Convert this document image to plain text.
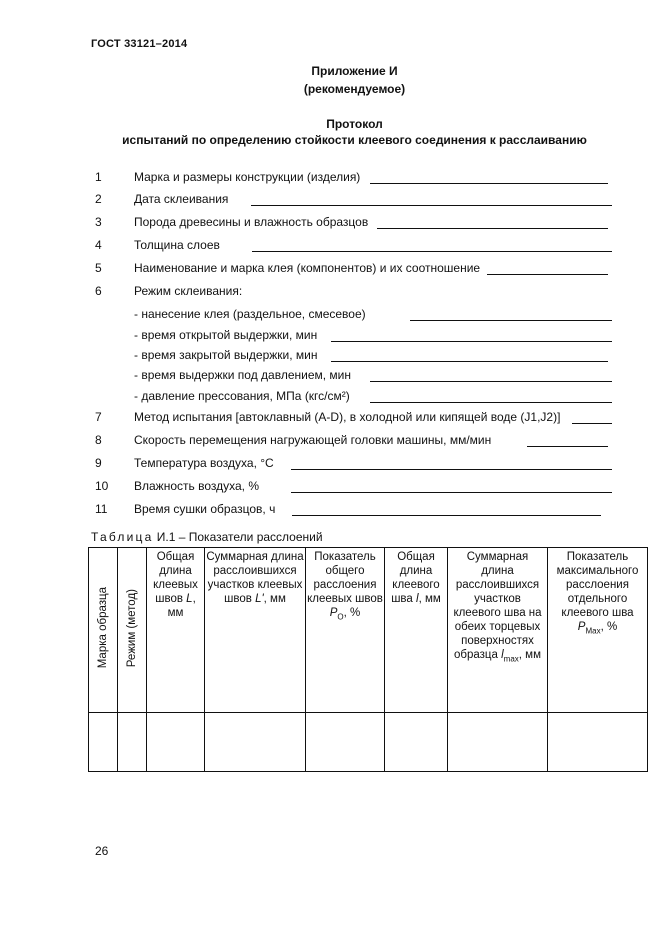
ГОСТ 33121–2014
Приложение И
(рекомендуемое)
Протокол
испытаний по определению стойкости клеевого соединения к расслаиванию
1	Марка и размеры конструкции (изделия)
2	Дата склеивания
3	Порода древесины и влажность образцов
4	Толщина слоев
5	Наименование и марка клея (компонентов) и их соотношение
6	Режим склеивания:
- нанесение клея (раздельное, смесевое)
- время открытой выдержки, мин
- время закрытой выдержки, мин
- время выдержки под давлением, мин
- давление прессования, МПа (кгс/см²)
7	Метод испытания [автоклавный (A-D), в холодной или кипящей воде (J1,J2)]
8	Скорость перемещения нагружающей головки машины, мм/мин
9	Температура воздуха, °С
10 Влажность воздуха, %
11 Время сушки образцов, ч
Таблица И.1 – Показатели расслоений
Марка образца	Режим (метод)	Общая длина клеевых швов L, мм	Суммарная длина расслоившихся участков клеевых швов L', мм	Показатель общего расслоения клеевых швов $P_O$, %	Общая длина клеевого шва l, мм	Суммарная длина расслоившихся участков клеевого шва на обеих торцевых поверхностях образца $l_{max}$, мм	Показатель максимального расслоения отдельного клеевого шва $P_{Max}$, %

26
